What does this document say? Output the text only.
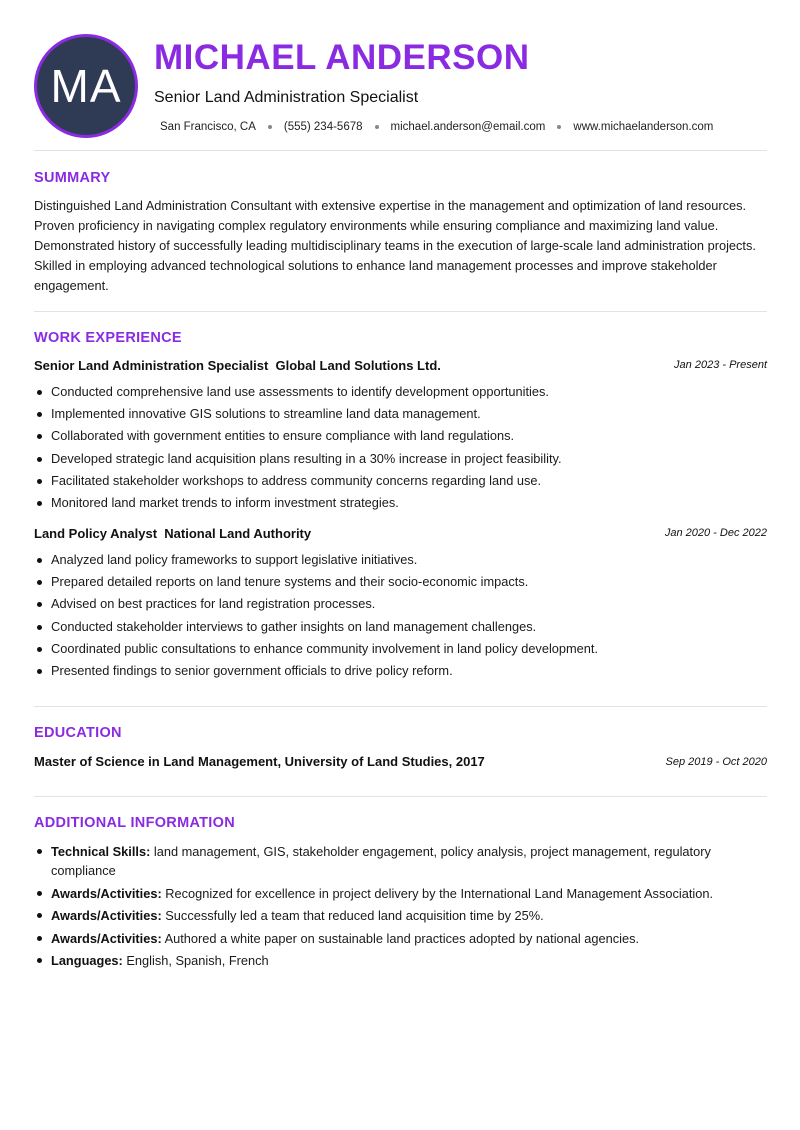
MA
MICHAEL ANDERSON
Senior Land Administration Specialist
San Francisco, CA (555) 234-5678 michael.anderson@email.com www.michaelanderson.com
SUMMARY
Distinguished Land Administration Consultant with extensive expertise in the management and optimization of land resources. Proven proficiency in navigating complex regulatory environments while ensuring compliance and maximizing land value. Demonstrated history of successfully leading multidisciplinary teams in the execution of large-scale land administration projects. Skilled in employing advanced technological solutions to enhance land management processes and improve stakeholder engagement.
WORK EXPERIENCE
Senior Land Administration Specialist  Global Land Solutions Ltd.	Jan 2023 - Present
Conducted comprehensive land use assessments to identify development opportunities.
Implemented innovative GIS solutions to streamline land data management.
Collaborated with government entities to ensure compliance with land regulations.
Developed strategic land acquisition plans resulting in a 30% increase in project feasibility.
Facilitated stakeholder workshops to address community concerns regarding land use.
Monitored land market trends to inform investment strategies.
Land Policy Analyst  National Land Authority	Jan 2020 - Dec 2022
Analyzed land policy frameworks to support legislative initiatives.
Prepared detailed reports on land tenure systems and their socio-economic impacts.
Advised on best practices for land registration processes.
Conducted stakeholder interviews to gather insights on land management challenges.
Coordinated public consultations to enhance community involvement in land policy development.
Presented findings to senior government officials to drive policy reform.
EDUCATION
Master of Science in Land Management, University of Land Studies, 2017	Sep 2019 - Oct 2020
ADDITIONAL INFORMATION
Technical Skills: land management, GIS, stakeholder engagement, policy analysis, project management, regulatory compliance
Awards/Activities: Recognized for excellence in project delivery by the International Land Management Association.
Awards/Activities: Successfully led a team that reduced land acquisition time by 25%.
Awards/Activities: Authored a white paper on sustainable land practices adopted by national agencies.
Languages: English, Spanish, French
